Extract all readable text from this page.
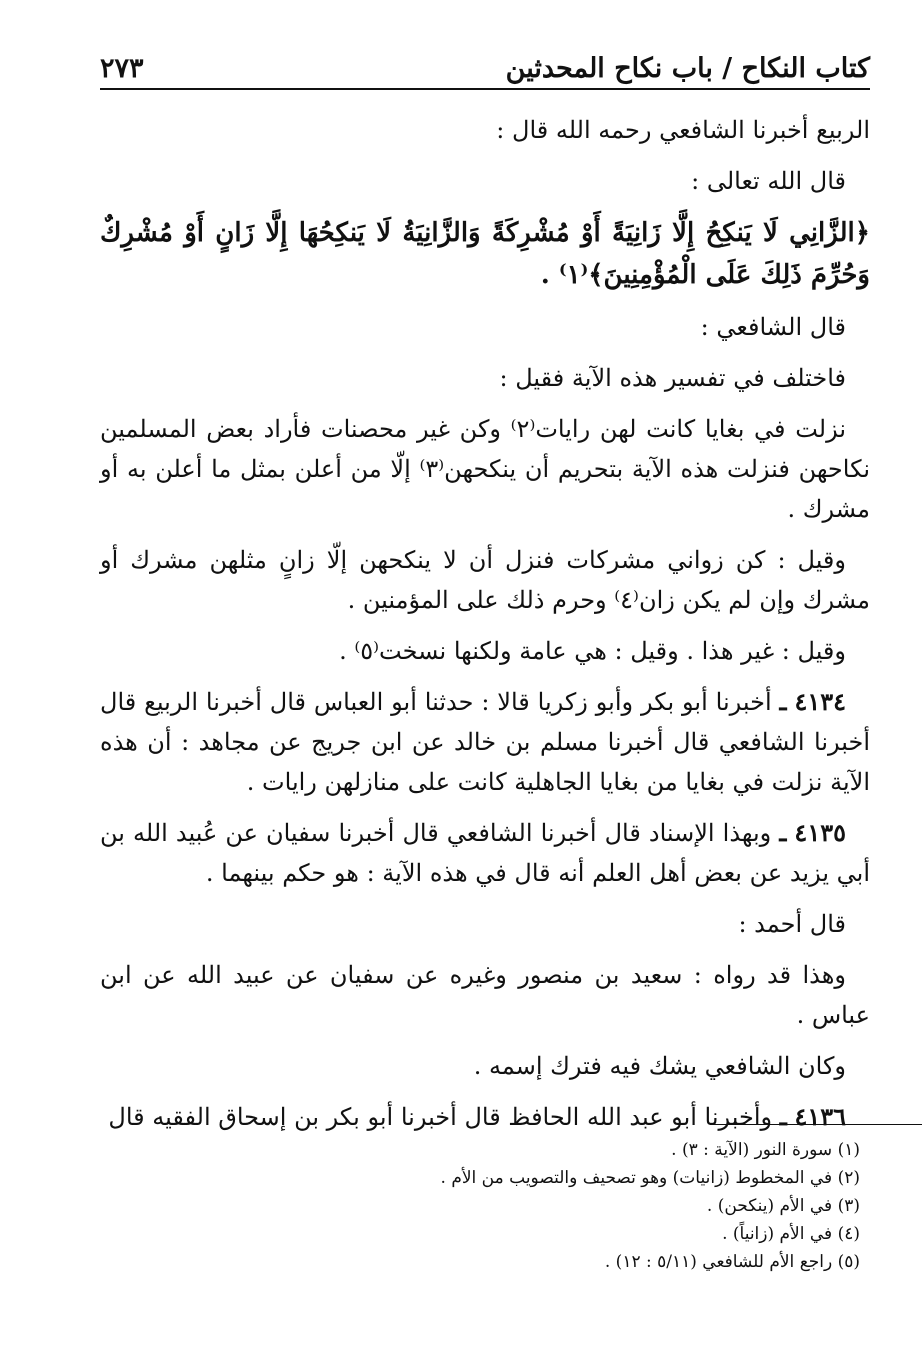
كتاب النكاح / باب نكاح المحدثين
٢٧٣

الربيع أخبرنا الشافعي رحمه الله قال :

قال الله تعالى :

﴿الزَّانِي لَا يَنكِحُ إِلَّا زَانِيَةً أَوْ مُشْرِكَةً وَالزَّانِيَةُ لَا يَنكِحُهَا إِلَّا زَانٍ أَوْ مُشْرِكٌ وَحُرِّمَ ذَلِكَ عَلَى الْمُؤْمِنِينَ﴾⁽١⁾ .

قال الشافعي :

فاختلف في تفسير هذه الآية فقيل :

نزلت في بغايا كانت لهن رايات⁽٢⁾ وكن غير محصنات فأراد بعض المسلمين نكاحهن فنزلت هذه الآية بتحريم أن ينكحهن⁽٣⁾ إلّا من أعلن بمثل ما أعلن به أو مشرك .

وقيل : كن زواني مشركات فنزل أن لا ينكحهن إلّا زانٍ مثلهن مشرك أو مشرك وإن لم يكن زان⁽٤⁾ وحرم ذلك على المؤمنين .

وقيل : غير هذا . وقيل : هي عامة ولكنها نسخت⁽٥⁾ .

٤١٣٤ ـ أخبرنا أبو بكر وأبو زكريا قالا : حدثنا أبو العباس قال أخبرنا الربيع قال أخبرنا الشافعي قال أخبرنا مسلم بن خالد عن ابن جريج عن مجاهد : أن هذه الآية نزلت في بغايا من بغايا الجاهلية كانت على منازلهن رايات .

٤١٣٥ ـ وبهذا الإسناد قال أخبرنا الشافعي قال أخبرنا سفيان عن عُبيد الله بن أبي يزيد عن بعض أهل العلم أنه قال في هذه الآية : هو حكم بينهما .

قال أحمد :

وهذا قد رواه : سعيد بن منصور وغيره عن سفيان عن عبيد الله عن ابن عباس .

وكان الشافعي يشك فيه فترك إسمه .

٤١٣٦ ـ وأخبرنا أبو عبد الله الحافظ قال أخبرنا أبو بكر بن إسحاق الفقيه قال

(١) سورة النور (الآية : ٣) .
(٢) في المخطوط (زانيات) وهو تصحيف والتصويب من الأم .
(٣) في الأم (ينكحن) .
(٤) في الأم (زانياً) .
(٥) راجع الأم للشافعي (٥/١١ : ١٢) .
